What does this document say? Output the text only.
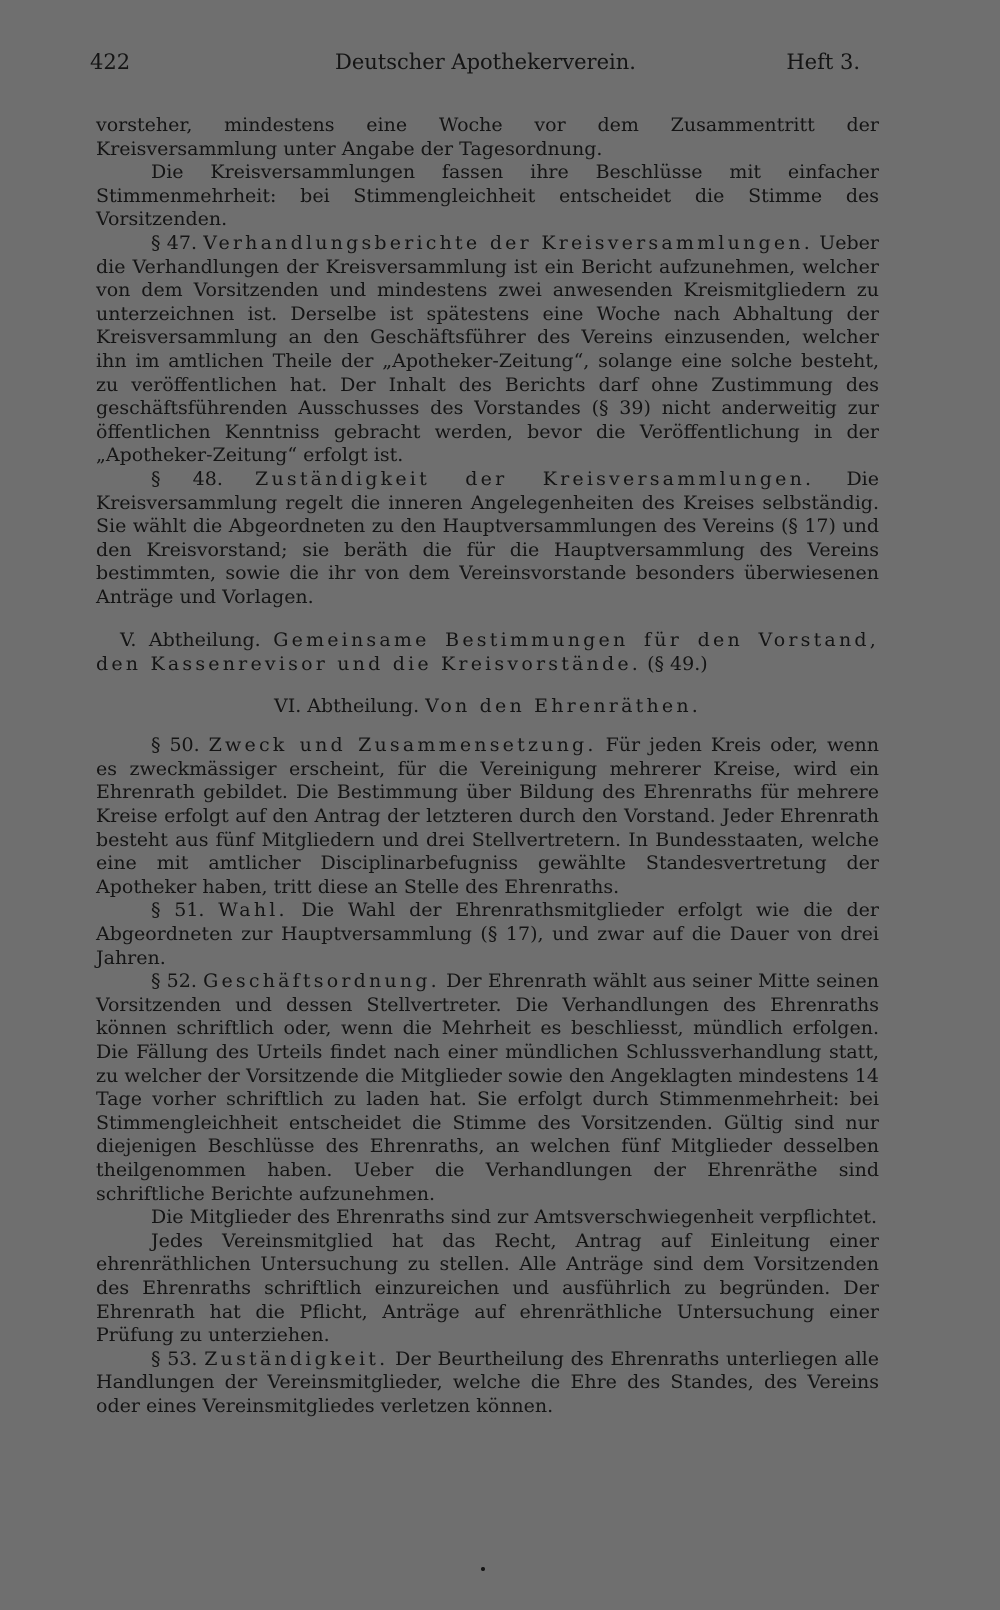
422	Deutscher Apothekerverein.	Heft 3.

vorsteher, mindestens eine Woche vor dem Zusammentritt der Kreisversammlung unter Angabe der Tagesordnung.

Die Kreisversammlungen fassen ihre Beschlüsse mit einfacher Stimmenmehrheit: bei Stimmengleichheit entscheidet die Stimme des Vorsitzenden.

§ 47. Verhandlungsberichte der Kreisversammlungen. Ueber die Verhandlungen der Kreisversammlung ist ein Bericht aufzunehmen, welcher von dem Vorsitzenden und mindestens zwei anwesenden Kreismitgliedern zu unterzeichnen ist. Derselbe ist spätestens eine Woche nach Abhaltung der Kreisversammlung an den Geschäftsführer des Vereins einzusenden, welcher ihn im amtlichen Theile der „Apotheker-Zeitung“, solange eine solche besteht, zu veröffentlichen hat. Der Inhalt des Berichts darf ohne Zustimmung des geschäftsführenden Ausschusses des Vorstandes (§ 39) nicht anderweitig zur öffentlichen Kenntniss gebracht werden, bevor die Veröffentlichung in der „Apotheker-Zeitung“ erfolgt ist.

§ 48. Zuständigkeit der Kreisversammlungen. Die Kreisversammlung regelt die inneren Angelegenheiten des Kreises selbständig. Sie wählt die Abgeordneten zu den Hauptversammlungen des Vereins (§ 17) und den Kreisvorstand; sie beräth die für die Hauptversammlung des Vereins bestimmten, sowie die ihr von dem Vereinsvorstande besonders überwiesenen Anträge und Vorlagen.

V. Abtheilung. Gemeinsame Bestimmungen für den Vorstand, den Kassenrevisor und die Kreisvorstände. (§ 49.)

VI. Abtheilung. Von den Ehrenräthen.

§ 50. Zweck und Zusammensetzung. Für jeden Kreis oder, wenn es zweckmässiger erscheint, für die Vereinigung mehrerer Kreise, wird ein Ehrenrath gebildet. Die Bestimmung über Bildung des Ehrenraths für mehrere Kreise erfolgt auf den Antrag der letzteren durch den Vorstand. Jeder Ehrenrath besteht aus fünf Mitgliedern und drei Stellvertretern. In Bundesstaaten, welche eine mit amtlicher Disciplinarbefugniss gewählte Standesvertretung der Apotheker haben, tritt diese an Stelle des Ehrenraths.

§ 51. Wahl. Die Wahl der Ehrenrathsmitglieder erfolgt wie die der Abgeordneten zur Hauptversammlung (§ 17), und zwar auf die Dauer von drei Jahren.

§ 52. Geschäftsordnung. Der Ehrenrath wählt aus seiner Mitte seinen Vorsitzenden und dessen Stellvertreter. Die Verhandlungen des Ehrenraths können schriftlich oder, wenn die Mehrheit es beschliesst, mündlich erfolgen. Die Fällung des Urteils findet nach einer mündlichen Schlussverhandlung statt, zu welcher der Vorsitzende die Mitglieder sowie den Angeklagten mindestens 14 Tage vorher schriftlich zu laden hat. Sie erfolgt durch Stimmenmehrheit: bei Stimmengleichheit entscheidet die Stimme des Vorsitzenden. Gültig sind nur diejenigen Beschlüsse des Ehrenraths, an welchen fünf Mitglieder desselben theilgenommen haben. Ueber die Verhandlungen der Ehrenräthe sind schriftliche Berichte aufzunehmen.

Die Mitglieder des Ehrenraths sind zur Amtsverschwiegenheit verpflichtet.

Jedes Vereinsmitglied hat das Recht, Antrag auf Einleitung einer ehrenräthlichen Untersuchung zu stellen. Alle Anträge sind dem Vorsitzenden des Ehrenraths schriftlich einzureichen und ausführlich zu begründen. Der Ehrenrath hat die Pflicht, Anträge auf ehrenräthliche Untersuchung einer Prüfung zu unterziehen.

§ 53. Zuständigkeit. Der Beurtheilung des Ehrenraths unterliegen alle Handlungen der Vereinsmitglieder, welche die Ehre des Standes, des Vereins oder eines Vereinsmitgliedes verletzen können.
